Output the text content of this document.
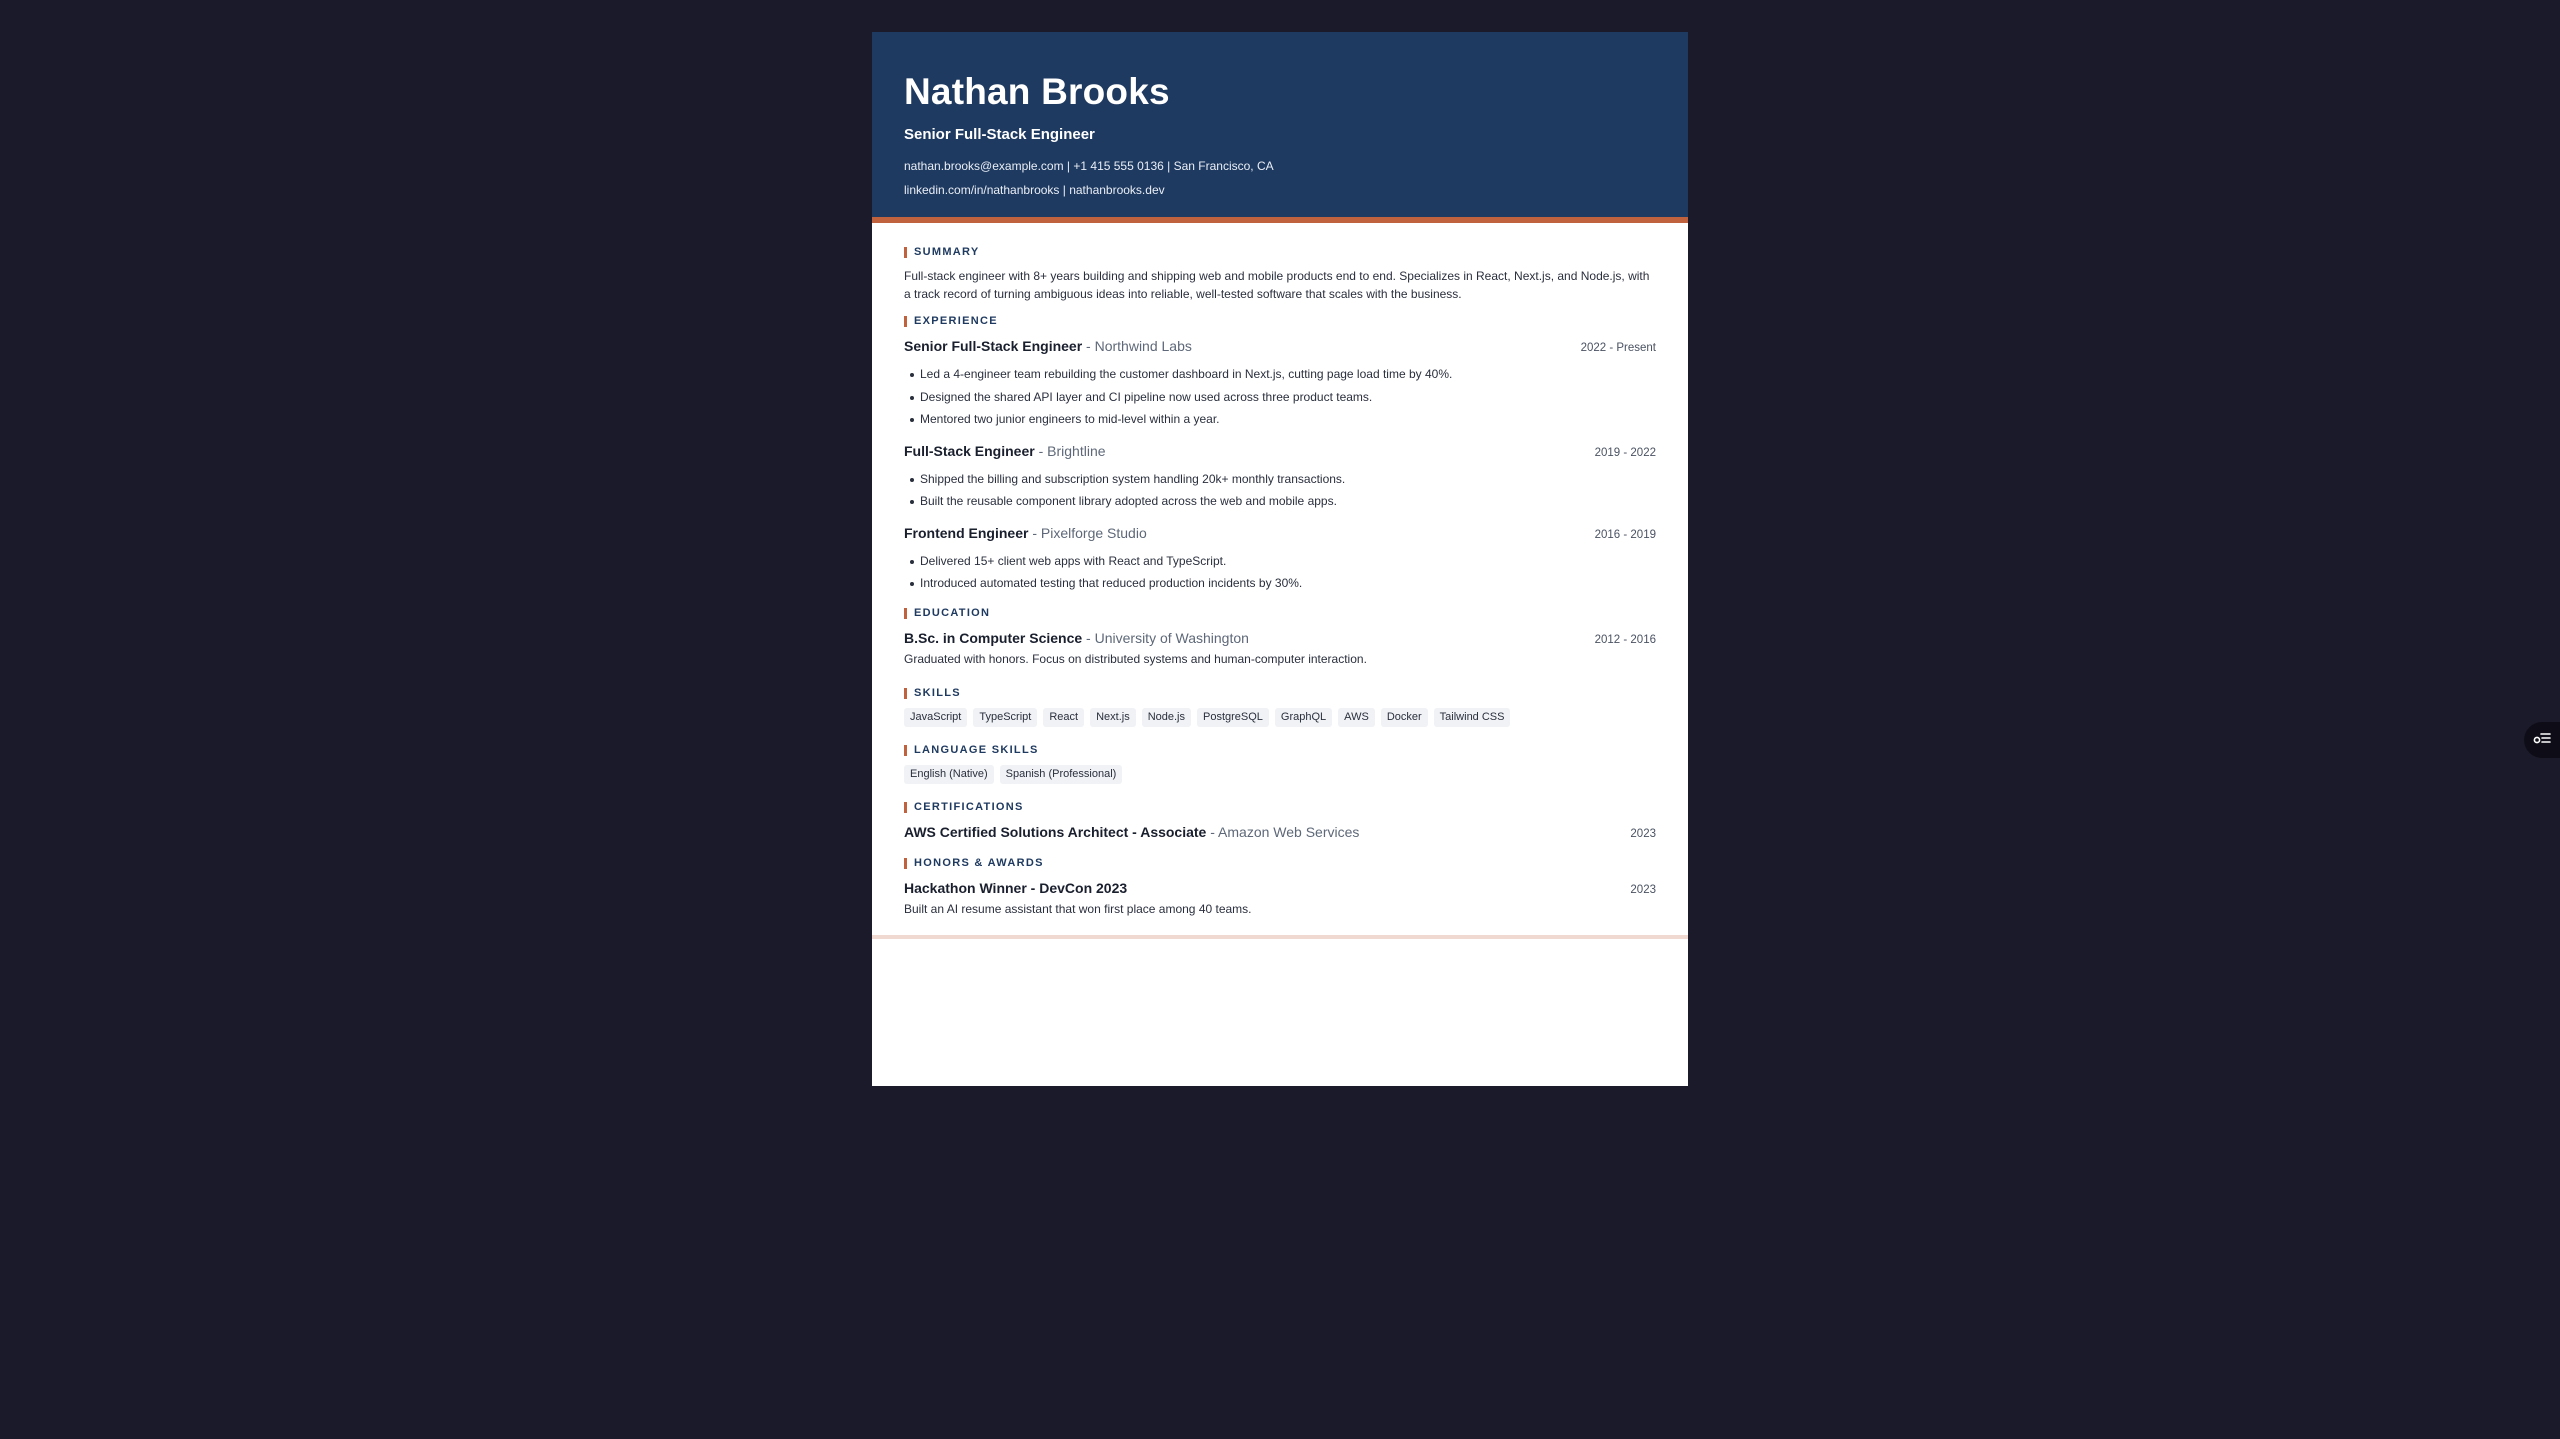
Nathan Brooks
Senior Full-Stack Engineer
nathan.brooks@example.com | +1 415 555 0136 | San Francisco, CA
linkedin.com/in/nathanbrooks | nathanbrooks.dev
SUMMARY
Full-stack engineer with 8+ years building and shipping web and mobile products end to end. Specializes in React, Next.js, and Node.js, with a track record of turning ambiguous ideas into reliable, well-tested software that scales with the business.
EXPERIENCE
Senior Full-Stack Engineer - Northwind Labs	2022 - Present
Led a 4-engineer team rebuilding the customer dashboard in Next.js, cutting page load time by 40%.
Designed the shared API layer and CI pipeline now used across three product teams.
Mentored two junior engineers to mid-level within a year.
Full-Stack Engineer - Brightline	2019 - 2022
Shipped the billing and subscription system handling 20k+ monthly transactions.
Built the reusable component library adopted across the web and mobile apps.
Frontend Engineer - Pixelforge Studio	2016 - 2019
Delivered 15+ client web apps with React and TypeScript.
Introduced automated testing that reduced production incidents by 30%.
EDUCATION
B.Sc. in Computer Science - University of Washington	2012 - 2016
Graduated with honors. Focus on distributed systems and human-computer interaction.
SKILLS
JavaScript	TypeScript	React	Next.js	Node.js	PostgreSQL	GraphQL	AWS	Docker	Tailwind CSS
LANGUAGE SKILLS
English (Native)	Spanish (Professional)
CERTIFICATIONS
AWS Certified Solutions Architect - Associate - Amazon Web Services	2023
HONORS & AWARDS
Hackathon Winner - DevCon 2023	2023
Built an AI resume assistant that won first place among 40 teams.
